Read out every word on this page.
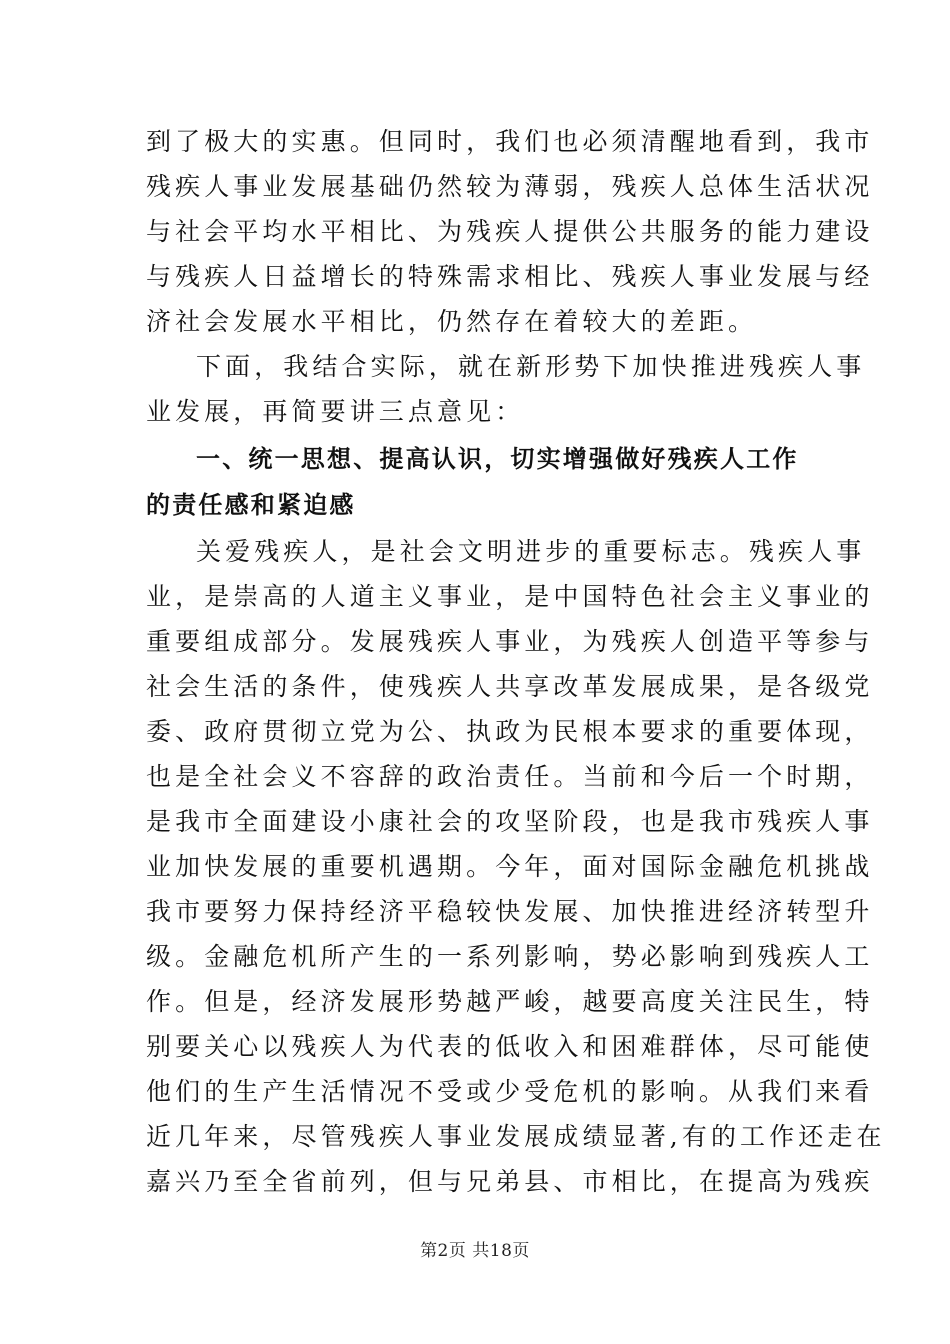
到了极大的实惠。但同时，我们也必须清醒地看到，我市
残疾人事业发展基础仍然较为薄弱，残疾人总体生活状况
与社会平均水平相比、为残疾人提供公共服务的能力建设
与残疾人日益增长的特殊需求相比、残疾人事业发展与经
济社会发展水平相比，仍然存在着较大的差距。
下面，我结合实际，就在新形势下加快推进残疾人事
业发展，再简要讲三点意见：
一、统一思想、提高认识，切实增强做好残疾人工作
的责任感和紧迫感
关爱残疾人，是社会文明进步的重要标志。残疾人事
业，是崇高的人道主义事业，是中国特色社会主义事业的
重要组成部分。发展残疾人事业，为残疾人创造平等参与
社会生活的条件，使残疾人共享改革发展成果，是各级党
委、政府贯彻立党为公、执政为民根本要求的重要体现，
也是全社会义不容辞的政治责任。当前和今后一个时期，
是我市全面建设小康社会的攻坚阶段，也是我市残疾人事
业加快发展的重要机遇期。今年，面对国际金融危机挑战
我市要努力保持经济平稳较快发展、加快推进经济转型升
级。金融危机所产生的一系列影响，势必影响到残疾人工
作。但是，经济发展形势越严峻，越要高度关注民生，特
别要关心以残疾人为代表的低收入和困难群体，尽可能使
他们的生产生活情况不受或少受危机的影响。从我们来看
近几年来，尽管残疾人事业发展成绩显著,有的工作还走在
嘉兴乃至全省前列，但与兄弟县、市相比，在提高为残疾
第2页 共18页
